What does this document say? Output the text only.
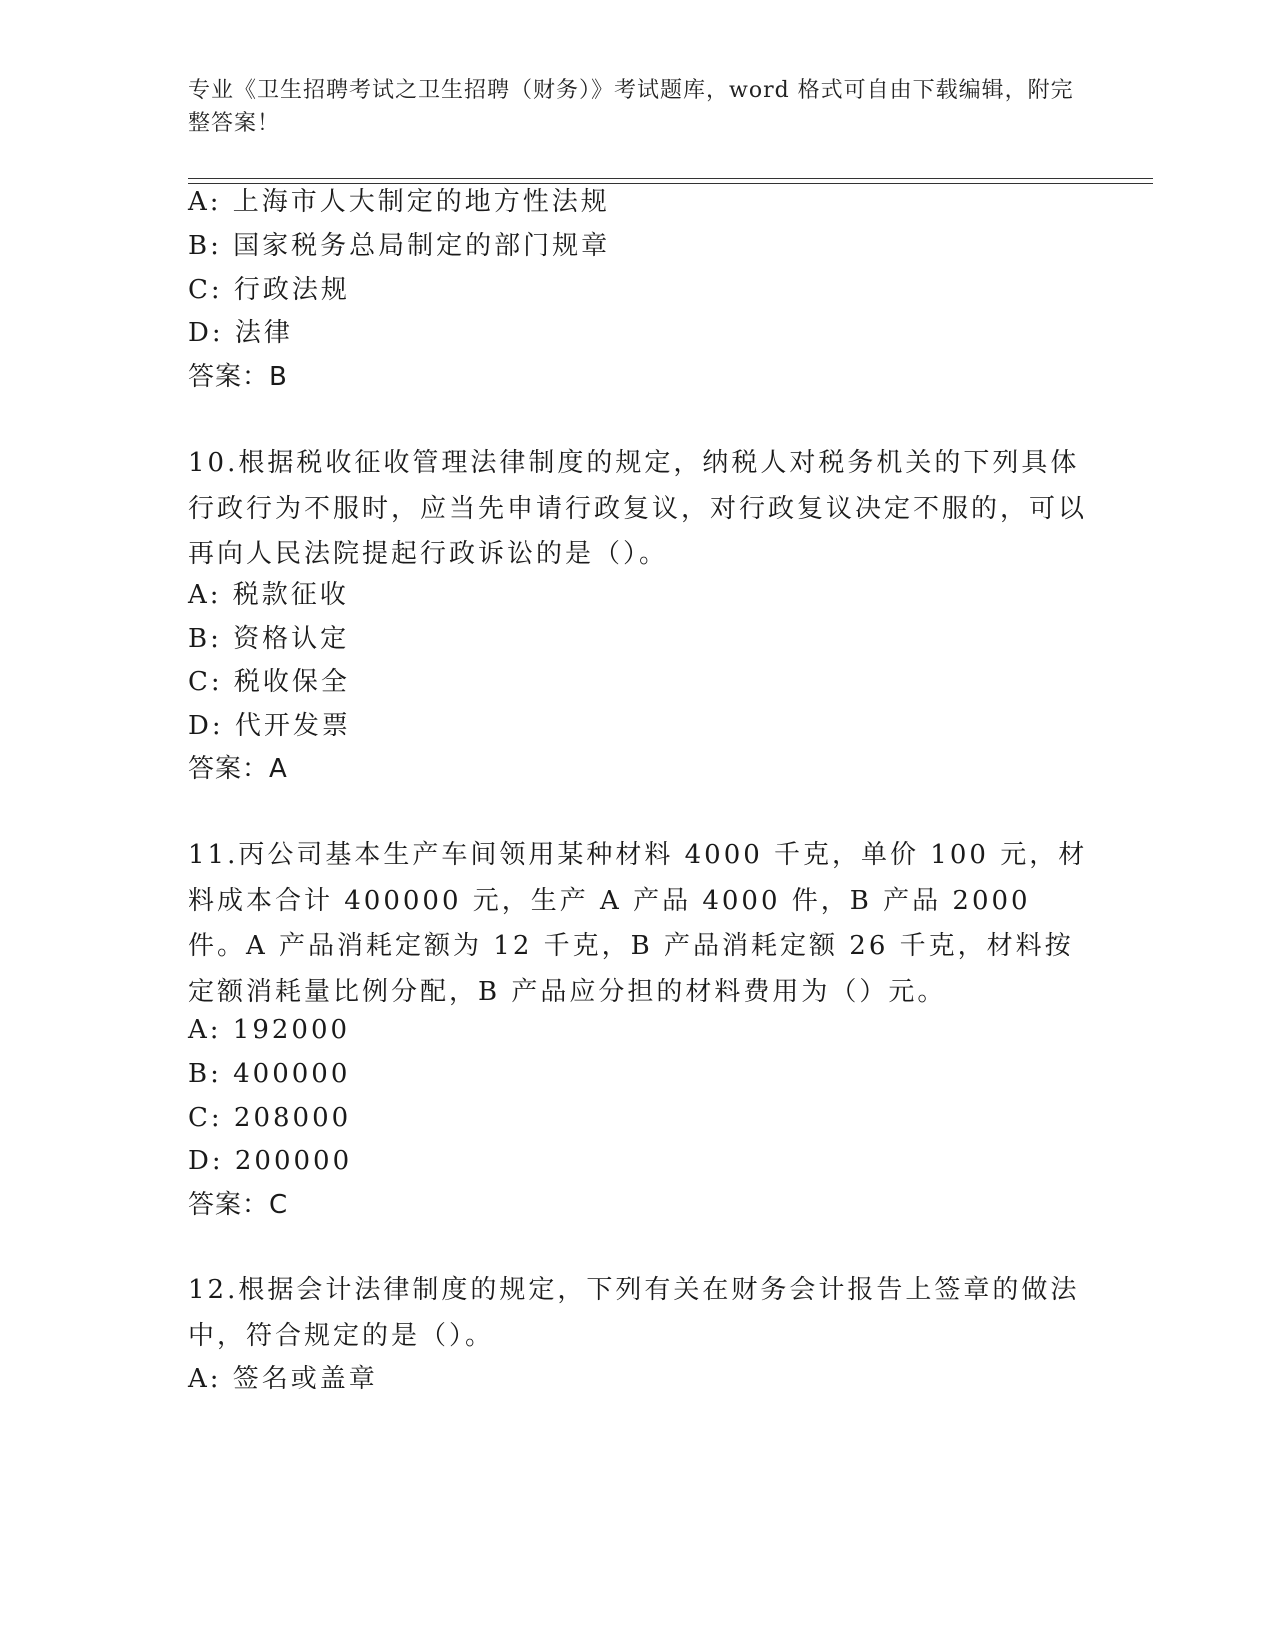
专业《卫生招聘考试之卫生招聘（财务）》考试题库，word 格式可自由下载编辑，附完整答案！
A: 上海市人大制定的地方性法规
B: 国家税务总局制定的部门规章
C: 行政法规
D: 法律
答案：B
10.根据税收征收管理法律制度的规定，纳税人对税务机关的下列具体行政行为不服时，应当先申请行政复议，对行政复议决定不服的，可以再向人民法院提起行政诉讼的是（）。
A: 税款征收
B: 资格认定
C: 税收保全
D: 代开发票
答案：A
11.丙公司基本生产车间领用某种材料 4000 千克，单价 100 元，材料成本合计 400000 元，生产 A 产品 4000 件，B 产品 2000 件。A 产品消耗定额为 12 千克，B 产品消耗定额 26 千克，材料按定额消耗量比例分配，B 产品应分担的材料费用为（）元。
A: 192000
B: 400000
C: 208000
D: 200000
答案：C
12.根据会计法律制度的规定，下列有关在财务会计报告上签章的做法中，符合规定的是（）。
A: 签名或盖章
